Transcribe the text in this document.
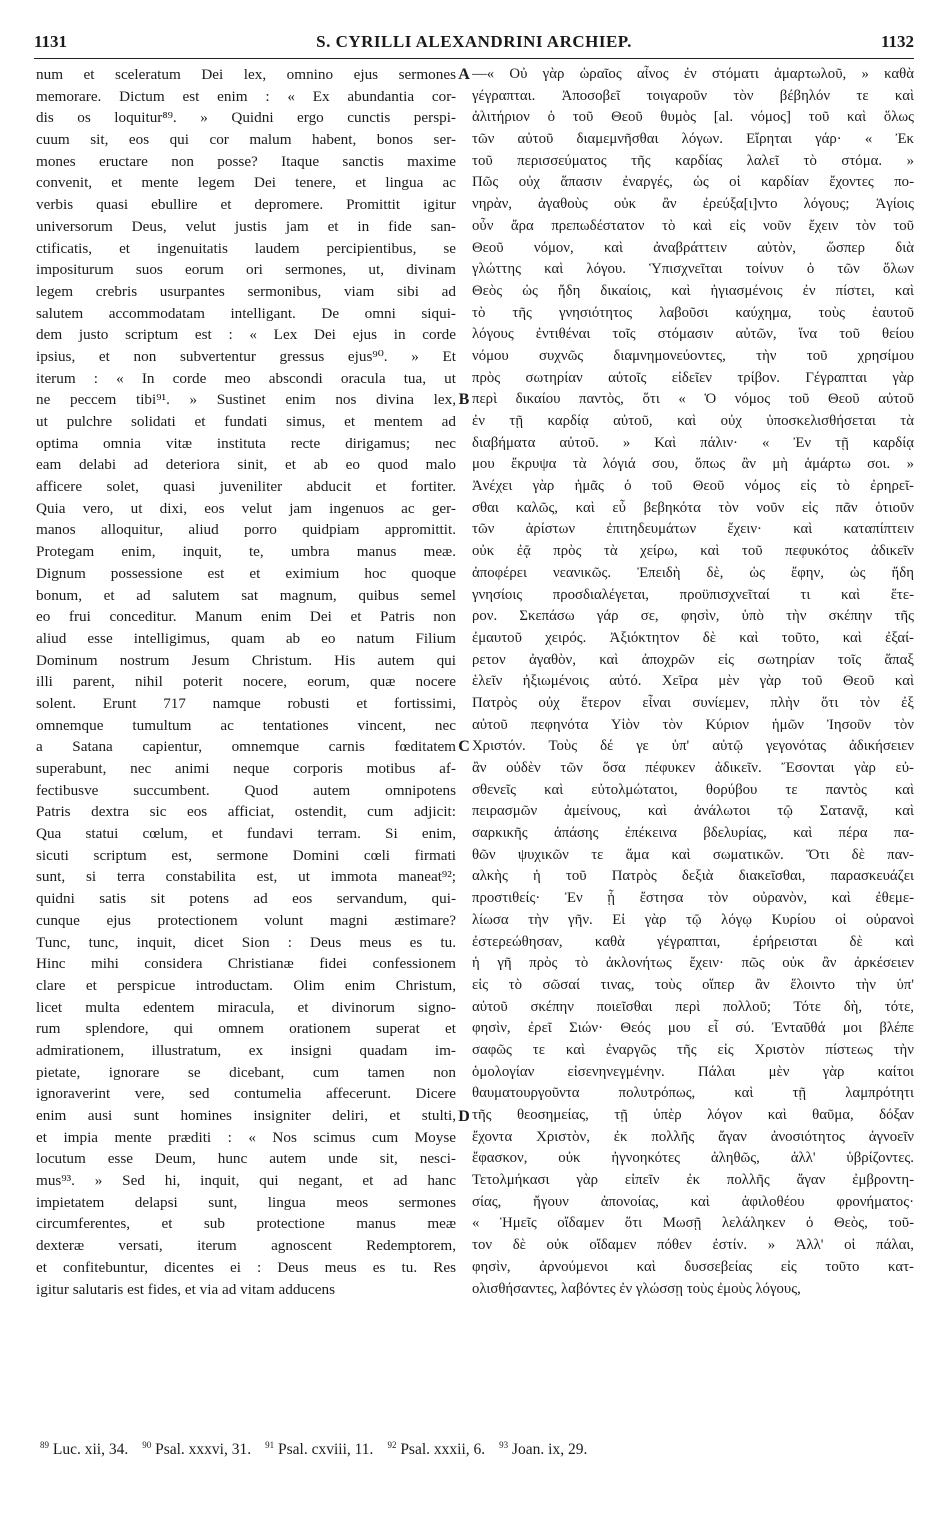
1131	S. CYRILLI ALEXANDRINI ARCHIEP.	1132
num et sceleratum Dei lex, omnino ejus sermones
memorare. Dictum est enim : « Ex abundantia cor-
dis os loquitur⁸⁹. » Quidni ergo cunctis perspi-
cuum sit, eos qui cor malum habent, bonos ser-
mones eructare non posse? Itaque sanctis maxime
convenit, et mente legem Dei tenere, et lingua ac
verbis quasi ebullire et depromere. Promittit igitur
universorum Deus, velut justis jam et in fide san-
ctificatis, et ingenuitatis laudem percipientibus, se
impositurum suos eorum ori sermones, ut, divinam
legem crebris usurpantes sermonibus, viam sibi ad
salutem accommodatam intelligant. De omni siqui-
dem justo scriptum est : « Lex Dei ejus in corde
ipsius, et non subvertentur gressus ejus⁹⁰. » Et
iterum : « In corde meo abscondi oracula tua, ut
ne peccem tibi⁹¹. » Sustinet enim nos divina lex,
ut pulchre solidati et fundati simus, et mentem ad
optima omnia vitæ instituta recte dirigamus; nec
eam delabi ad deteriora sinit, et ab eo quod malo
afficere solet, quasi juveniliter abducit et fortiter.
Quia vero, ut dixi, eos velut jam ingenuos ac ger-
manos alloquitur, aliud porro quidpiam appromittit.
Protegam enim, inquit, te, umbra manus meæ.
Dignum possessione est et eximium hoc quoque
bonum, et ad salutem sat magnum, quibus semel
eo frui conceditur. Manum enim Dei et Patris non
aliud esse intelligimus, quam ab eo natum Filium
Dominum nostrum Jesum Christum. His autem qui
illi parent, nihil poterit nocere, eorum, quæ nocere
solent. Erunt 717 namque robusti et fortissimi,
omnemque tumultum ac tentationes vincent, nec
a Satana capientur, omnemque carnis fœditatem
superabunt, nec animi neque corporis motibus af-
fectibusve succumbent. Quod autem omnipotens
Patris dextra sic eos afficiat, ostendit, cum adjicit:
Qua statui cœlum, et fundavi terram. Si enim,
sicuti scriptum est, sermone Domini cœli firmati
sunt, si terra constabilita est, ut immota maneat⁹²;
quidni satis sit potens ad eos servandum, qui-
cunque ejus protectionem volunt magni æstimare?
Tunc, tunc, inquit, dicet Sion : Deus meus es tu.
Hinc mihi considera Christianæ fidei confessionem
clare et perspicue introductam. Olim enim Christum,
licet multa edentem miracula, et divinorum signo-
rum splendore, qui omnem orationem superat et
admirationem, illustratum, ex insigni quadam im-
pietate, ignorare se dicebant, cum tamen non
ignoraverint vere, sed contumelia affecerunt. Dicere
enim ausi sunt homines insigniter deliri, et stulti,
et impia mente præditi : « Nos scimus cum Moyse
locutum esse Deum, hunc autem unde sit, nesci-
mus⁹³. » Sed hi, inquit, qui negant, et ad hanc
impietatem delapsi sunt, lingua meos sermones
circumferentes, et sub protectione manus meæ
dexteræ versati, iterum agnoscent Redemptorem,
et confitebuntur, dicentes ei : Deus meus es tu. Res
igitur salutaris est fides, et via ad vitam adducens
—« Οὐ γὰρ ὡραῖος αἶνος ἐν στόματι ἁμαρτωλοῦ, » καθὰ
γέγραπται. Ἀποσοβεῖ τοιγαροῦν τὸν βέβηλόν τε καὶ
ἀλιτήριον ὁ τοῦ Θεοῦ θυμὸς [al. νόμος] τοῦ καὶ ὅλως
τῶν αὐτοῦ διαμεμνῆσθαι λόγων. Εἴρηται γάρ· « Ἐκ
τοῦ περισσεύματος τῆς καρδίας λαλεῖ τὸ στόμα. »
Πῶς οὐχ ἅπασιν ἐναργές, ὡς οἱ καρδίαν ἔχοντες πο-
νηρὰν, ἀγαθοὺς οὐκ ἂν ἐρεύξα[ι]ντο λόγους; Ἁγίοις
οὖν ἄρα πρεπωδέστατον τὸ καὶ εἰς νοῦν ἔχειν τὸν τοῦ
Θεοῦ νόμον, καὶ ἀναβράττειν αὐτὸν, ὥσπερ διὰ
γλώττης καὶ λόγου. Ὑπισχνεῖται τοίνυν ὁ τῶν ὅλων
Θεὸς ὡς ἤδη δικαίοις, καὶ ἡγιασμένοις ἐν πίστει, καὶ
τὸ τῆς γνησιότητος λαβοῦσι καύχημα, τοὺς ἑαυτοῦ
λόγους ἐντιθέναι τοῖς στόμασιν αὐτῶν, ἵνα τοῦ θείου
νόμου συχνῶς διαμνημονεύοντες, τὴν τοῦ χρησίμου
πρὸς σωτηρίαν αὐτοῖς εἰδεῖεν τρίβον. Γέγραπται γὰρ
περὶ δικαίου παντὸς, ὅτι « Ὁ νόμος τοῦ Θεοῦ αὐτοῦ
ἐν τῇ καρδίᾳ αὐτοῦ, καὶ οὐχ ὑποσκελισθήσεται τὰ
διαβήματα αὐτοῦ. » Καὶ πάλιν· « Ἐν τῇ καρδίᾳ
μου ἔκρυψα τὰ λόγιά σου, ὅπως ἂν μὴ ἁμάρτω σοι. »
Ἀνέχει γὰρ ἡμᾶς ὁ τοῦ Θεοῦ νόμος εἰς τὸ ἐρηρεῖ-
σθαι καλῶς, καὶ εὖ βεβηκότα τὸν νοῦν εἰς πᾶν ὁτιοῦν
τῶν ἀρίστων ἐπιτηδευμάτων ἔχειν· καὶ καταπίπτειν
οὐκ ἐᾷ πρὸς τὰ χείρω, καὶ τοῦ πεφυκότος ἀδικεῖν
ἀποφέρει νεανικῶς. Ἐπειδὴ δὲ, ὡς ἔφην, ὡς ἤδη
γνησίοις προσδιαλέγεται, προϋπισχνεῖταί τι καὶ ἕτε-
ρον. Σκεπάσω γάρ σε, φησὶν, ὑπὸ τὴν σκέπην τῆς
ἐμαυτοῦ χειρός. Ἀξιόκτητον δὲ καὶ τοῦτο, καὶ ἐξαί-
ρετον ἀγαθὸν, καὶ ἀποχρῶν εἰς σωτηρίαν τοῖς ἅπαξ
ἑλεῖν ἠξιωμένοις αὐτό. Χεῖρα μὲν γὰρ τοῦ Θεοῦ καὶ
Πατρὸς οὐχ ἕτερον εἶναι συνίεμεν, πλὴν ὅτι τὸν ἐξ
αὐτοῦ πεφηνότα Υἱὸν τὸν Κύριον ἡμῶν Ἰησοῦν τὸν
Χριστόν. Τοὺς δέ γε ὑπ' αὐτῷ γεγονότας ἀδικήσειεν
ἂν οὐδὲν τῶν ὅσα πέφυκεν ἀδικεῖν. Ἔσονται γὰρ εὐ-
σθενεῖς καὶ εὐτολμώτατοι, θορύβου τε παντὸς καὶ
πειρασμῶν ἀμείνους, καὶ ἀνάλωτοι τῷ Σατανᾷ, καὶ
σαρκικῆς ἁπάσης ἐπέκεινα βδελυρίας, καὶ πέρα πα-
θῶν ψυχικῶν τε ἅμα καὶ σωματικῶν. Ὅτι δὲ παν-
αλκὴς ἡ τοῦ Πατρὸς δεξιὰ διακεῖσθαι, παρασκευάζει
προστιθείς· Ἐν ᾗ ἔστησα τὸν οὐρανὸν, καὶ ἐθεμε-
λίωσα τὴν γῆν. Εἰ γὰρ τῷ λόγῳ Κυρίου οἱ οὐρανοὶ
ἐστερεώθησαν, καθὰ γέγραπται, ἐρήρεισται δὲ καὶ
ἡ γῆ πρὸς τὸ ἀκλονήτως ἔχειν· πῶς οὐκ ἂν ἀρκέσειεν
εἰς τὸ σῶσαί τινας, τοὺς οἵπερ ἂν ἕλοιντο τὴν ὑπ'
αὐτοῦ σκέπην ποιεῖσθαι περὶ πολλοῦ; Τότε δὴ, τότε,
φησὶν, ἐρεῖ Σιών· Θεός μου εἶ σύ. Ἐνταῦθά μοι βλέπε
σαφῶς τε καὶ ἐναργῶς τῆς εἰς Χριστὸν πίστεως τὴν
ὁμολογίαν εἰσενηνεγμένην. Πάλαι μὲν γὰρ καίτοι
θαυματουργοῦντα πολυτρόπως, καὶ τῇ λαμπρότητι
τῆς θεοσημείας, τῇ ὑπὲρ λόγον καὶ θαῦμα, δόξαν
ἔχοντα Χριστὸν, ἐκ πολλῆς ἄγαν ἀνοσιότητος ἀγνοεῖν
ἔφασκον, οὐκ ἠγνοηκότες ἀληθῶς, ἀλλ' ὑβρίζοντες.
Τετολμήκασι γὰρ εἰπεῖν ἐκ πολλῆς ἄγαν ἐμβροντη-
σίας, ἤγουν ἀπονοίας, καὶ ἀφιλοθέου φρονήματος·
« Ἡμεῖς οἴδαμεν ὅτι Μωσῇ λελάληκεν ὁ Θεὸς, τοῦ-
τον δὲ οὐκ οἴδαμεν πόθεν ἐστίν. » Ἀλλ' οἱ πάλαι,
φησὶν, ἀρνούμενοι καὶ δυσσεβείας εἰς τοῦτο κατ-
ολισθήσαντες, λαβόντες ἐν γλώσσῃ τοὺς ἐμοὺς λόγους,
A
B
C
D
$^{89}$ Luc. xii, 34. $^{90}$ Psal. xxxvi, 31. $^{91}$ Psal. cxviii, 11. $^{92}$ Psal. xxxii, 6. $^{93}$ Joan. ix, 29.
